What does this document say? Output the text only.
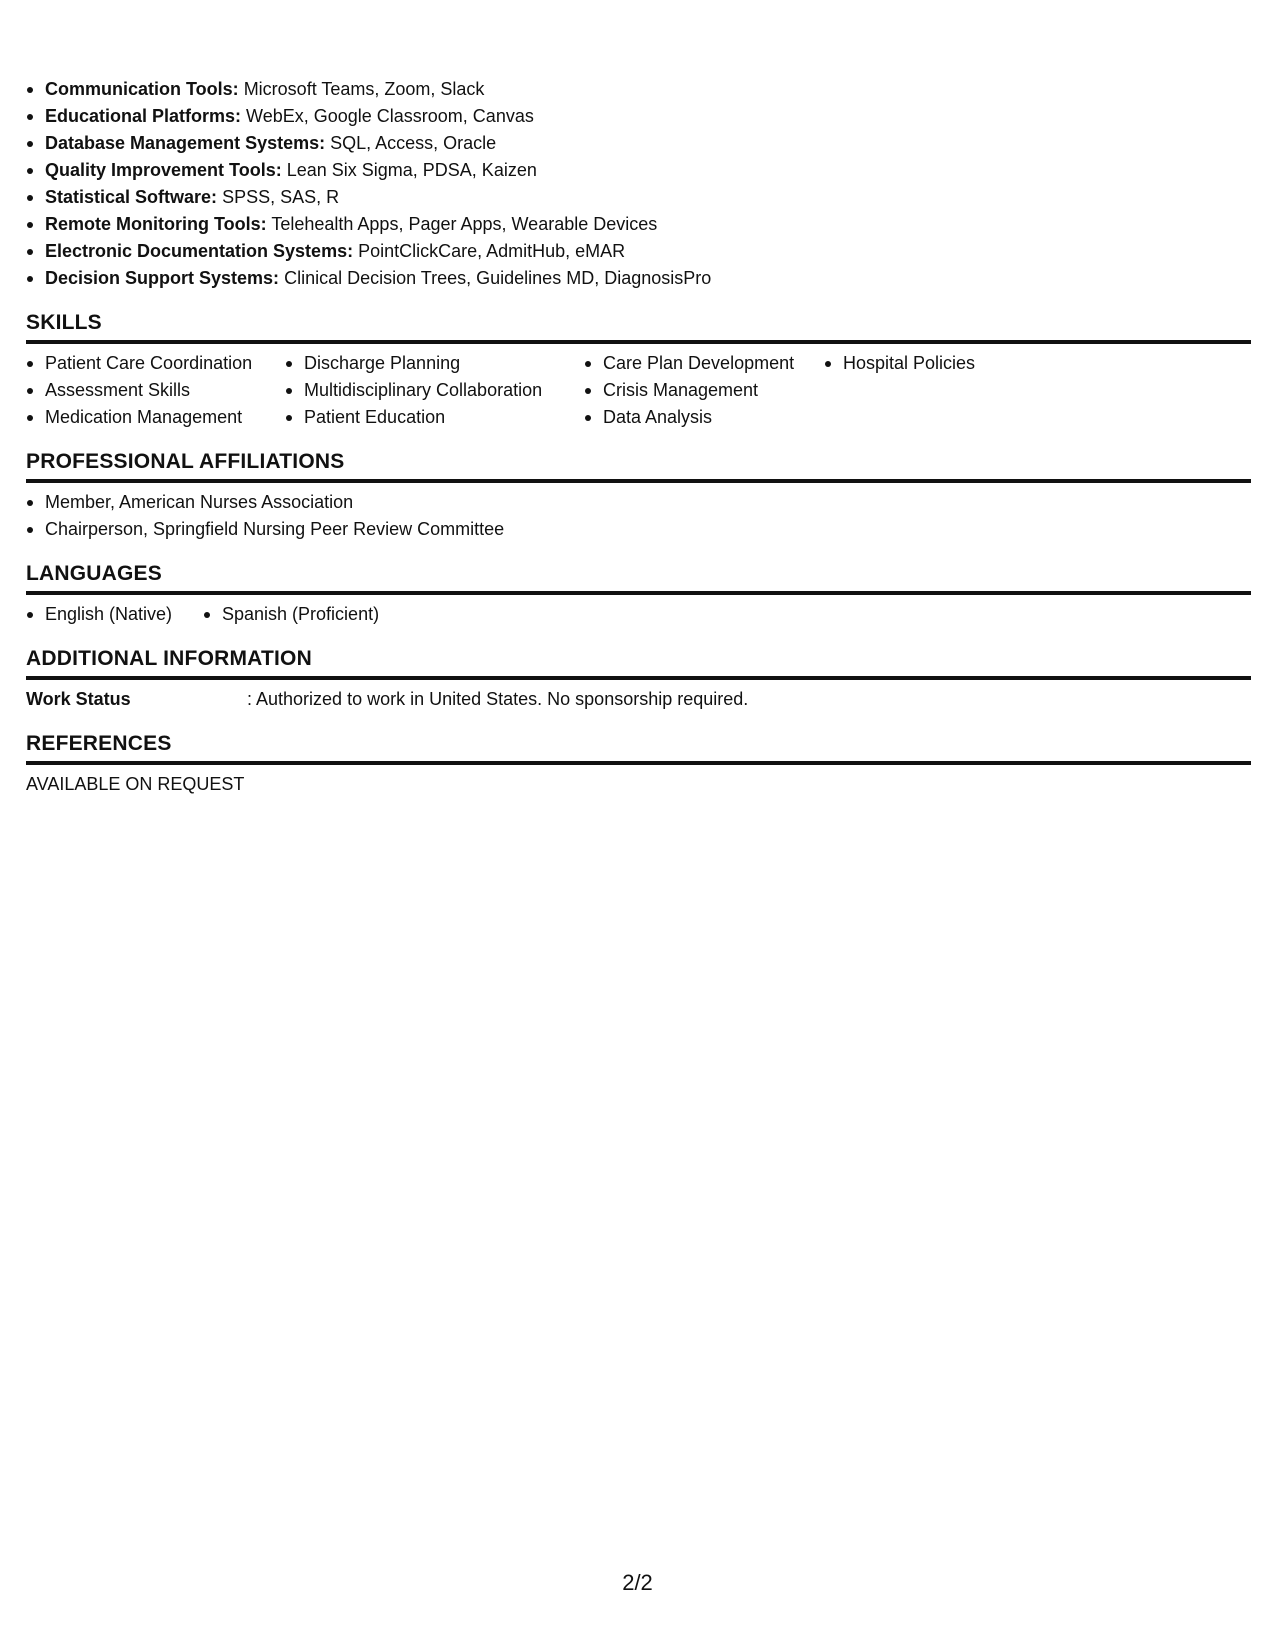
Communication Tools: Microsoft Teams, Zoom, Slack
Educational Platforms: WebEx, Google Classroom, Canvas
Database Management Systems: SQL, Access, Oracle
Quality Improvement Tools: Lean Six Sigma, PDSA, Kaizen
Statistical Software: SPSS, SAS, R
Remote Monitoring Tools: Telehealth Apps, Pager Apps, Wearable Devices
Electronic Documentation Systems: PointClickCare, AdmitHub, eMAR
Decision Support Systems: Clinical Decision Trees, Guidelines MD, DiagnosisPro
SKILLS
Patient Care Coordination
Assessment Skills
Medication Management
Discharge Planning
Multidisciplinary Collaboration
Patient Education
Care Plan Development
Crisis Management
Data Analysis
Hospital Policies
PROFESSIONAL AFFILIATIONS
Member, American Nurses Association
Chairperson, Springfield Nursing Peer Review Committee
LANGUAGES
English (Native)	Spanish (Proficient)
ADDITIONAL INFORMATION
Work Status	: Authorized to work in United States. No sponsorship required.
REFERENCES
AVAILABLE ON REQUEST
2/2
